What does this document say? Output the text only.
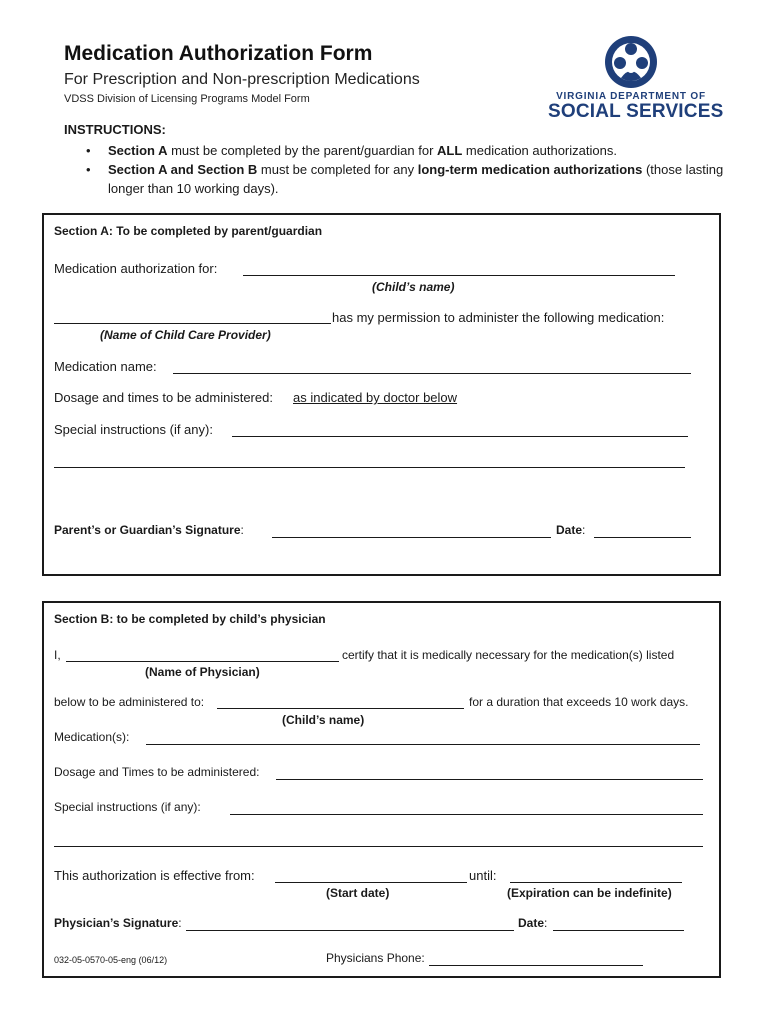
Medication Authorization Form
For Prescription and Non-prescription Medications
VDSS Division of Licensing Programs Model Form	VIRGINIA DEPARTMENT OF
SOCIAL SERVICES
INSTRUCTIONS:
• Section A must be completed by the parent/guardian for ALL medication authorizations.
• Section A and Section B must be completed for any long-term medication authorizations (those lasting longer than 10 working days).
Section A: To be completed by parent/guardian
Medication authorization for:
(Child’s name)
has my permission to administer the following medication:
(Name of Child Care Provider)
Medication name:
Dosage and times to be administered: as indicated by doctor below
Special instructions (if any):
Parent’s or Guardian’s Signature:	Date:
Section B: to be completed by child’s physician
I,	certify that it is medically necessary for the medication(s) listed
(Name of Physician)
below to be administered to:	for a duration that exceeds 10 work days.
(Child’s name)
Medication(s):
Dosage and Times to be administered:
Special instructions (if any):
This authorization is effective from:	until:
(Start date)	(Expiration can be indefinite)
Physician’s Signature:	Date:
032-05-0570-05-eng (06/12)	Physicians Phone:
